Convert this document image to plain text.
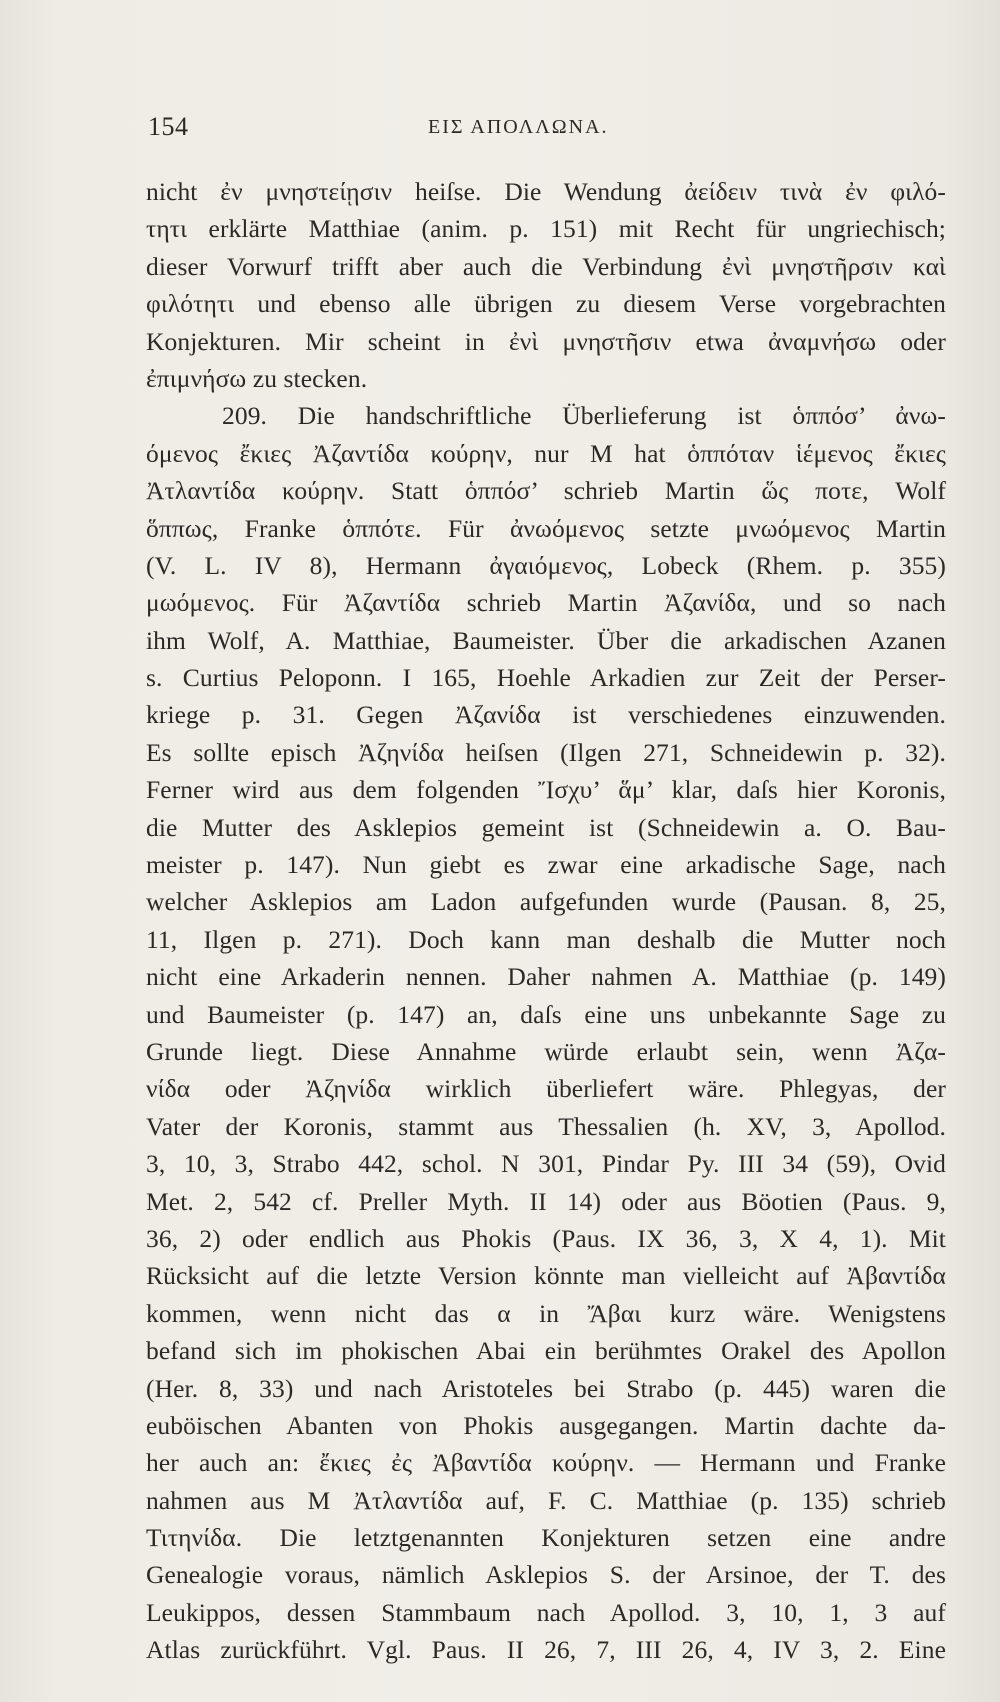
154	ΕΙΣ ΑΠΟΛΛΩΝΑ.
nicht ἐν μνηστείῃσιν heiſse. Die Wendung ἀείδειν τινὰ ἐν φιλό-
τητι erklärte Matthiae (anim. p. 151) mit Recht für ungriechisch;
dieser Vorwurf trifft aber auch die Verbindung ἐνὶ μνηστῆρσιν καὶ
φιλότητι und ebenso alle übrigen zu diesem Verse vorgebrachten
Konjekturen. Mir scheint in ἐνὶ μνηστῆσιν etwa ἀναμνήσω oder
ἐπιμνήσω zu stecken.
209. Die handschriftliche Überlieferung ist ὁππόσ’ ἀνω-
όμενος ἔκιες Ἀζαντίδα κούρην, nur M hat ὁππόταν ἱέμενος ἔκιες
Ἀτλαντίδα κούρην. Statt ὁππόσ’ schrieb Martin ὥς ποτε, Wolf
ὅππως, Franke ὁππότε. Für ἀνωόμενος setzte μνωόμενος Martin
(V. L. IV 8), Hermann ἀγαιόμενος, Lobeck (Rhem. p. 355)
μωόμενος. Für Ἀζαντίδα schrieb Martin Ἀζανίδα, und so nach
ihm Wolf, A. Matthiae, Baumeister. Über die arkadischen Azanen
s. Curtius Peloponn. I 165, Hoehle Arkadien zur Zeit der Perser-
kriege p. 31. Gegen Ἀζανίδα ist verschiedenes einzuwenden.
Es sollte episch Ἀζηνίδα heiſsen (Ilgen 271, Schneidewin p. 32).
Ferner wird aus dem folgenden Ἴσχυ’ ἅμ’ klar, daſs hier Koronis,
die Mutter des Asklepios gemeint ist (Schneidewin a. O. Bau-
meister p. 147). Nun giebt es zwar eine arkadische Sage, nach
welcher Asklepios am Ladon aufgefunden wurde (Pausan. 8, 25,
11, Ilgen p. 271). Doch kann man deshalb die Mutter noch
nicht eine Arkaderin nennen. Daher nahmen A. Matthiae (p. 149)
und Baumeister (p. 147) an, daſs eine uns unbekannte Sage zu
Grunde liegt. Diese Annahme würde erlaubt sein, wenn Ἀζα-
νίδα oder Ἀζηνίδα wirklich überliefert wäre. Phlegyas, der
Vater der Koronis, stammt aus Thessalien (h. XV, 3, Apollod.
3, 10, 3, Strabo 442, schol. N 301, Pindar Py. III 34 (59), Ovid
Met. 2, 542 cf. Preller Myth. II 14) oder aus Böotien (Paus. 9,
36, 2) oder endlich aus Phokis (Paus. IX 36, 3, X 4, 1). Mit
Rücksicht auf die letzte Version könnte man vielleicht auf Ἀβαντίδα
kommen, wenn nicht das α in Ἄβαι kurz wäre. Wenigstens
befand sich im phokischen Abai ein berühmtes Orakel des Apollon
(Her. 8, 33) und nach Aristoteles bei Strabo (p. 445) waren die
euböischen Abanten von Phokis ausgegangen. Martin dachte da-
her auch an: ἔκιες ἐς Ἀβαντίδα κούρην. — Hermann und Franke
nahmen aus M Ἀτλαντίδα auf, F. C. Matthiae (p. 135) schrieb
Τιτηνίδα. Die letztgenannten Konjekturen setzen eine andre
Genealogie voraus, nämlich Asklepios S. der Arsinoe, der T. des
Leukippos, dessen Stammbaum nach Apollod. 3, 10, 1, 3 auf
Atlas zurückführt. Vgl. Paus. II 26, 7, III 26, 4, IV 3, 2. Eine
